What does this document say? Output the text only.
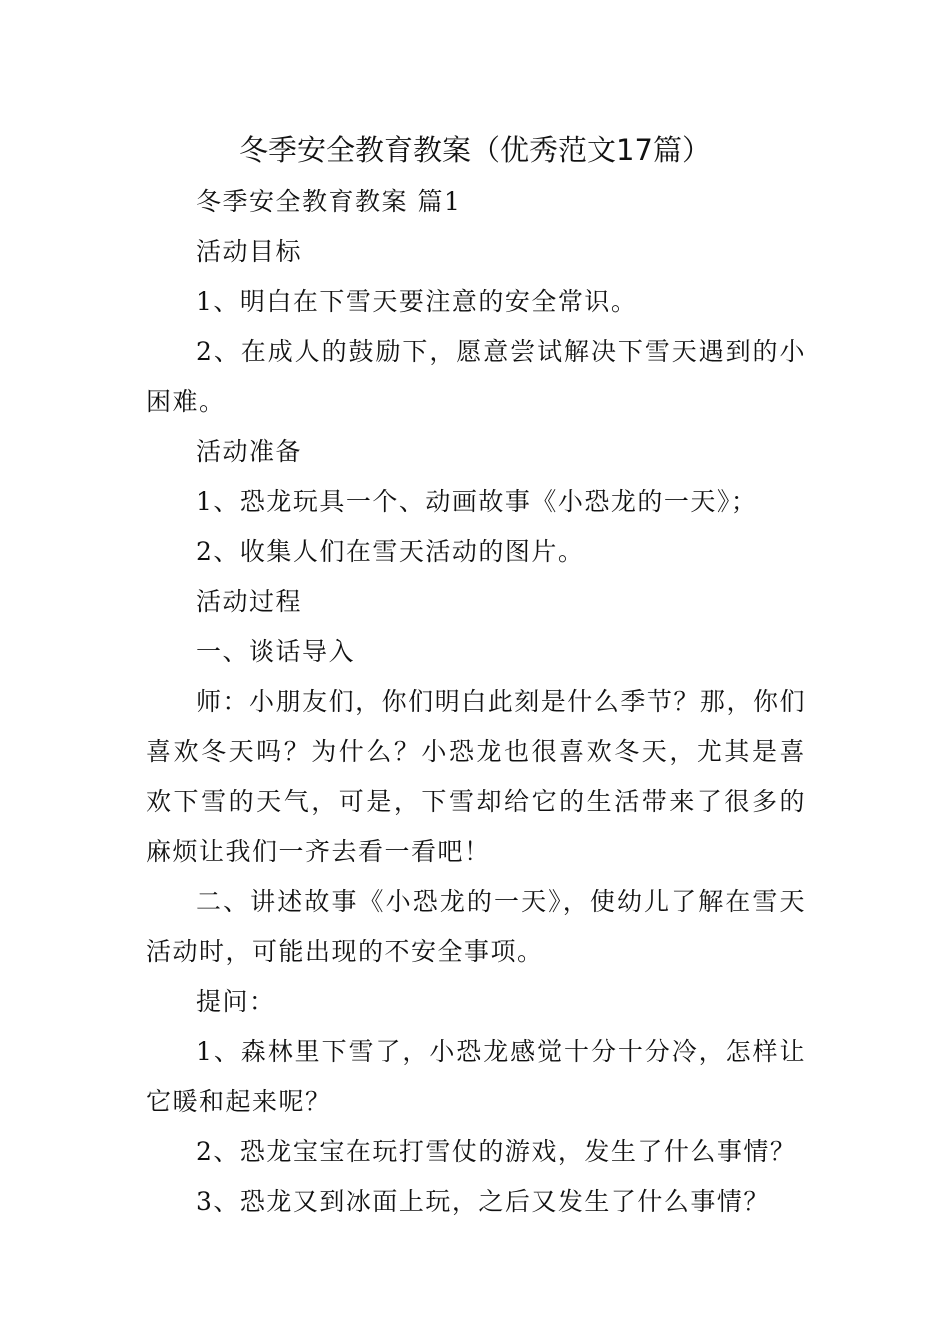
冬季安全教育教案（优秀范文17篇）

冬季安全教育教案 篇1

活动目标

1、明白在下雪天要注意的安全常识。

2、在成人的鼓励下，愿意尝试解决下雪天遇到的小困难。

活动准备

1、恐龙玩具一个、动画故事《小恐龙的一天》；

2、收集人们在雪天活动的图片。

活动过程

一、谈话导入

师：小朋友们，你们明白此刻是什么季节？那，你们喜欢冬天吗？为什么？小恐龙也很喜欢冬天，尤其是喜欢下雪的天气，可是，下雪却给它的生活带来了很多的麻烦让我们一齐去看一看吧！

二、讲述故事《小恐龙的一天》，使幼儿了解在雪天活动时，可能出现的不安全事项。

提问：

1、森林里下雪了，小恐龙感觉十分十分冷，怎样让它暖和起来呢？

2、恐龙宝宝在玩打雪仗的游戏，发生了什么事情？

3、恐龙又到冰面上玩，之后又发生了什么事情？
